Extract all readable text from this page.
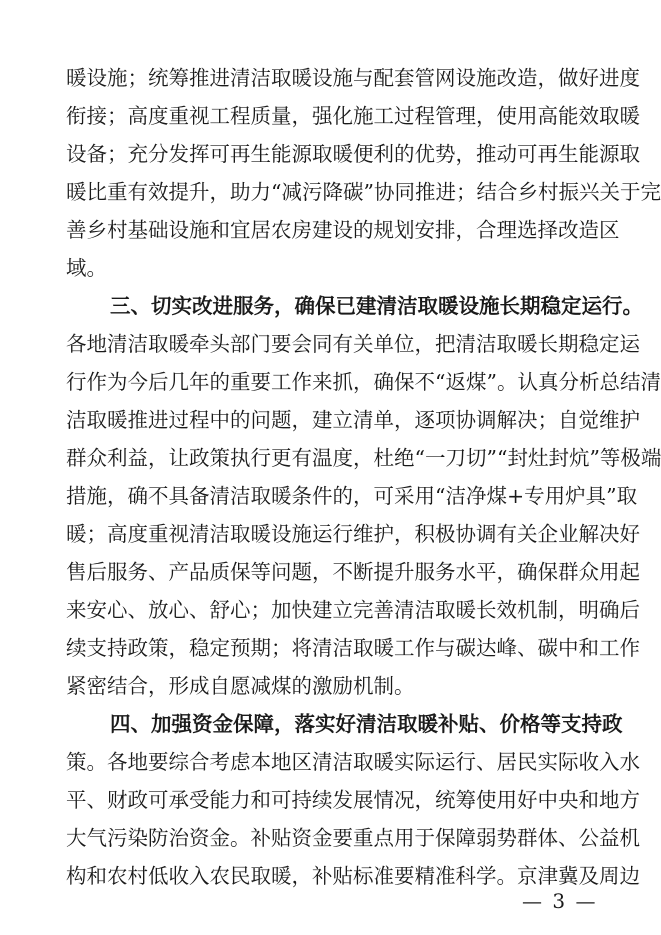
暖设施；统筹推进清洁取暖设施与配套管网设施改造，做好进度
衔接；高度重视工程质量，强化施工过程管理，使用高能效取暖
设备；充分发挥可再生能源取暖便利的优势，推动可再生能源取
暖比重有效提升，助力“减污降碳”协同推进；结合乡村振兴关于完
善乡村基础设施和宜居农房建设的规划安排，合理选择改造区
域。
三、切实改进服务，确保已建清洁取暖设施长期稳定运行。
各地清洁取暖牵头部门要会同有关单位，把清洁取暖长期稳定运
行作为今后几年的重要工作来抓，确保不“返煤”。认真分析总结清
洁取暖推进过程中的问题，建立清单，逐项协调解决；自觉维护
群众利益，让政策执行更有温度，杜绝“一刀切”“封灶封炕”等极端
措施，确不具备清洁取暖条件的，可采用“洁净煤+专用炉具”取
暖；高度重视清洁取暖设施运行维护，积极协调有关企业解决好
售后服务、产品质保等问题，不断提升服务水平，确保群众用起
来安心、放心、舒心；加快建立完善清洁取暖长效机制，明确后
续支持政策，稳定预期；将清洁取暖工作与碳达峰、碳中和工作
紧密结合，形成自愿减煤的激励机制。
四、加强资金保障，落实好清洁取暖补贴、价格等支持政
策。各地要综合考虑本地区清洁取暖实际运行、居民实际收入水
平、财政可承受能力和可持续发展情况，统筹使用好中央和地方
大气污染防治资金。补贴资金要重点用于保障弱势群体、公益机
构和农村低收入农民取暖，补贴标准要精准科学。京津冀及周边
— 3 —
